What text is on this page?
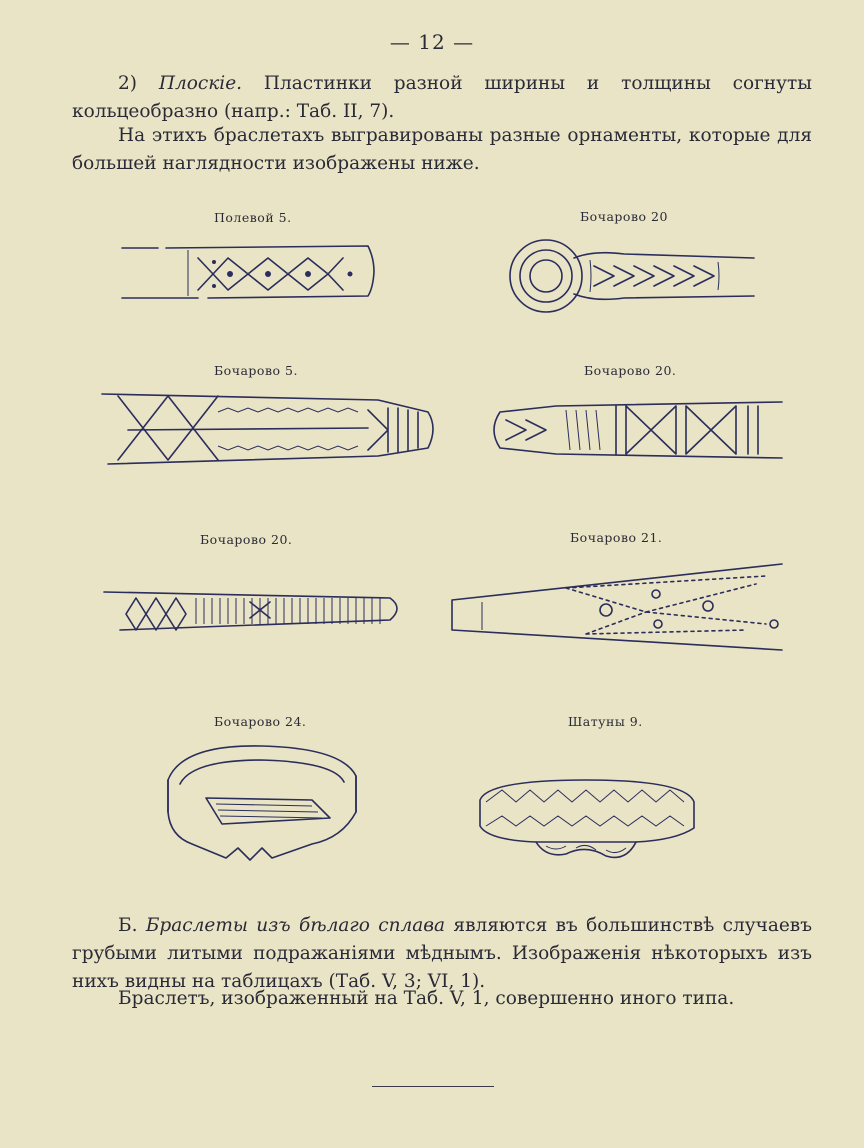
— 12 —
2) Плоскіе. Пластинки разной ширины и толщины согнуты кольцеобразно (напр.: Таб. II, 7).
На этихъ браслетахъ выгравированы разные орнаменты, которые для большей наглядности изображены ниже.
Полевой 5.	Бочарово 20
Бочарово 5.	Бочарово 20.
Бочарово 20.	Бочарово 21.
Бочарово 24.	Шатуны 9.
Б. Браслеты изъ бѣлаго сплава являются въ большинствѣ случаевъ грубыми литыми подражаніями мѣднымъ. Изображенія нѣкоторыхъ изъ нихъ видны на таблицахъ (Таб. V, 3; VI, 1).
Браслетъ, изображенный на Таб. V, 1, совершенно иного типа.
